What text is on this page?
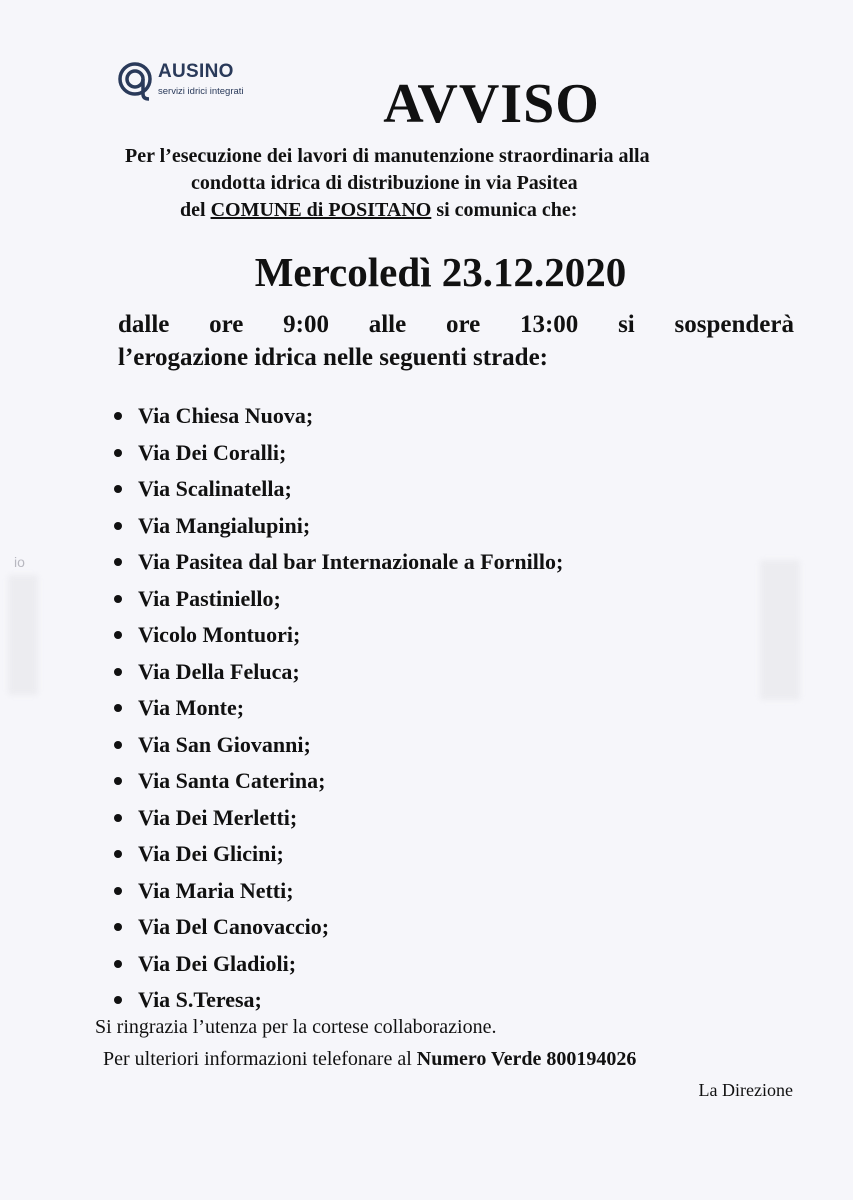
io
AUSINO
servizi idrici integrati	AVVISO
Per l’esecuzione dei lavori di manutenzione straordinaria alla
condotta idrica di distribuzione in via Pasitea
del COMUNE di POSITANO si comunica che:
Mercoledì 23.12.2020
dalle ore 9:00 alle ore 13:00 si sospenderà
l’erogazione idrica nelle seguenti strade:
Via Chiesa Nuova;
Via Dei Coralli;
Via Scalinatella;
Via Mangialupini;
Via Pasitea dal bar Internazionale a Fornillo;
Via Pastiniello;
Vicolo Montuori;
Via Della Feluca;
Via Monte;
Via San Giovanni;
Via Santa Caterina;
Via Dei Merletti;
Via Dei Glicini;
Via Maria Netti;
Via Del Canovaccio;
Via Dei Gladioli;
Via S.Teresa;
Si ringrazia l’utenza per la cortese collaborazione.
Per ulteriori informazioni telefonare al Numero Verde 800194026
La Direzione
